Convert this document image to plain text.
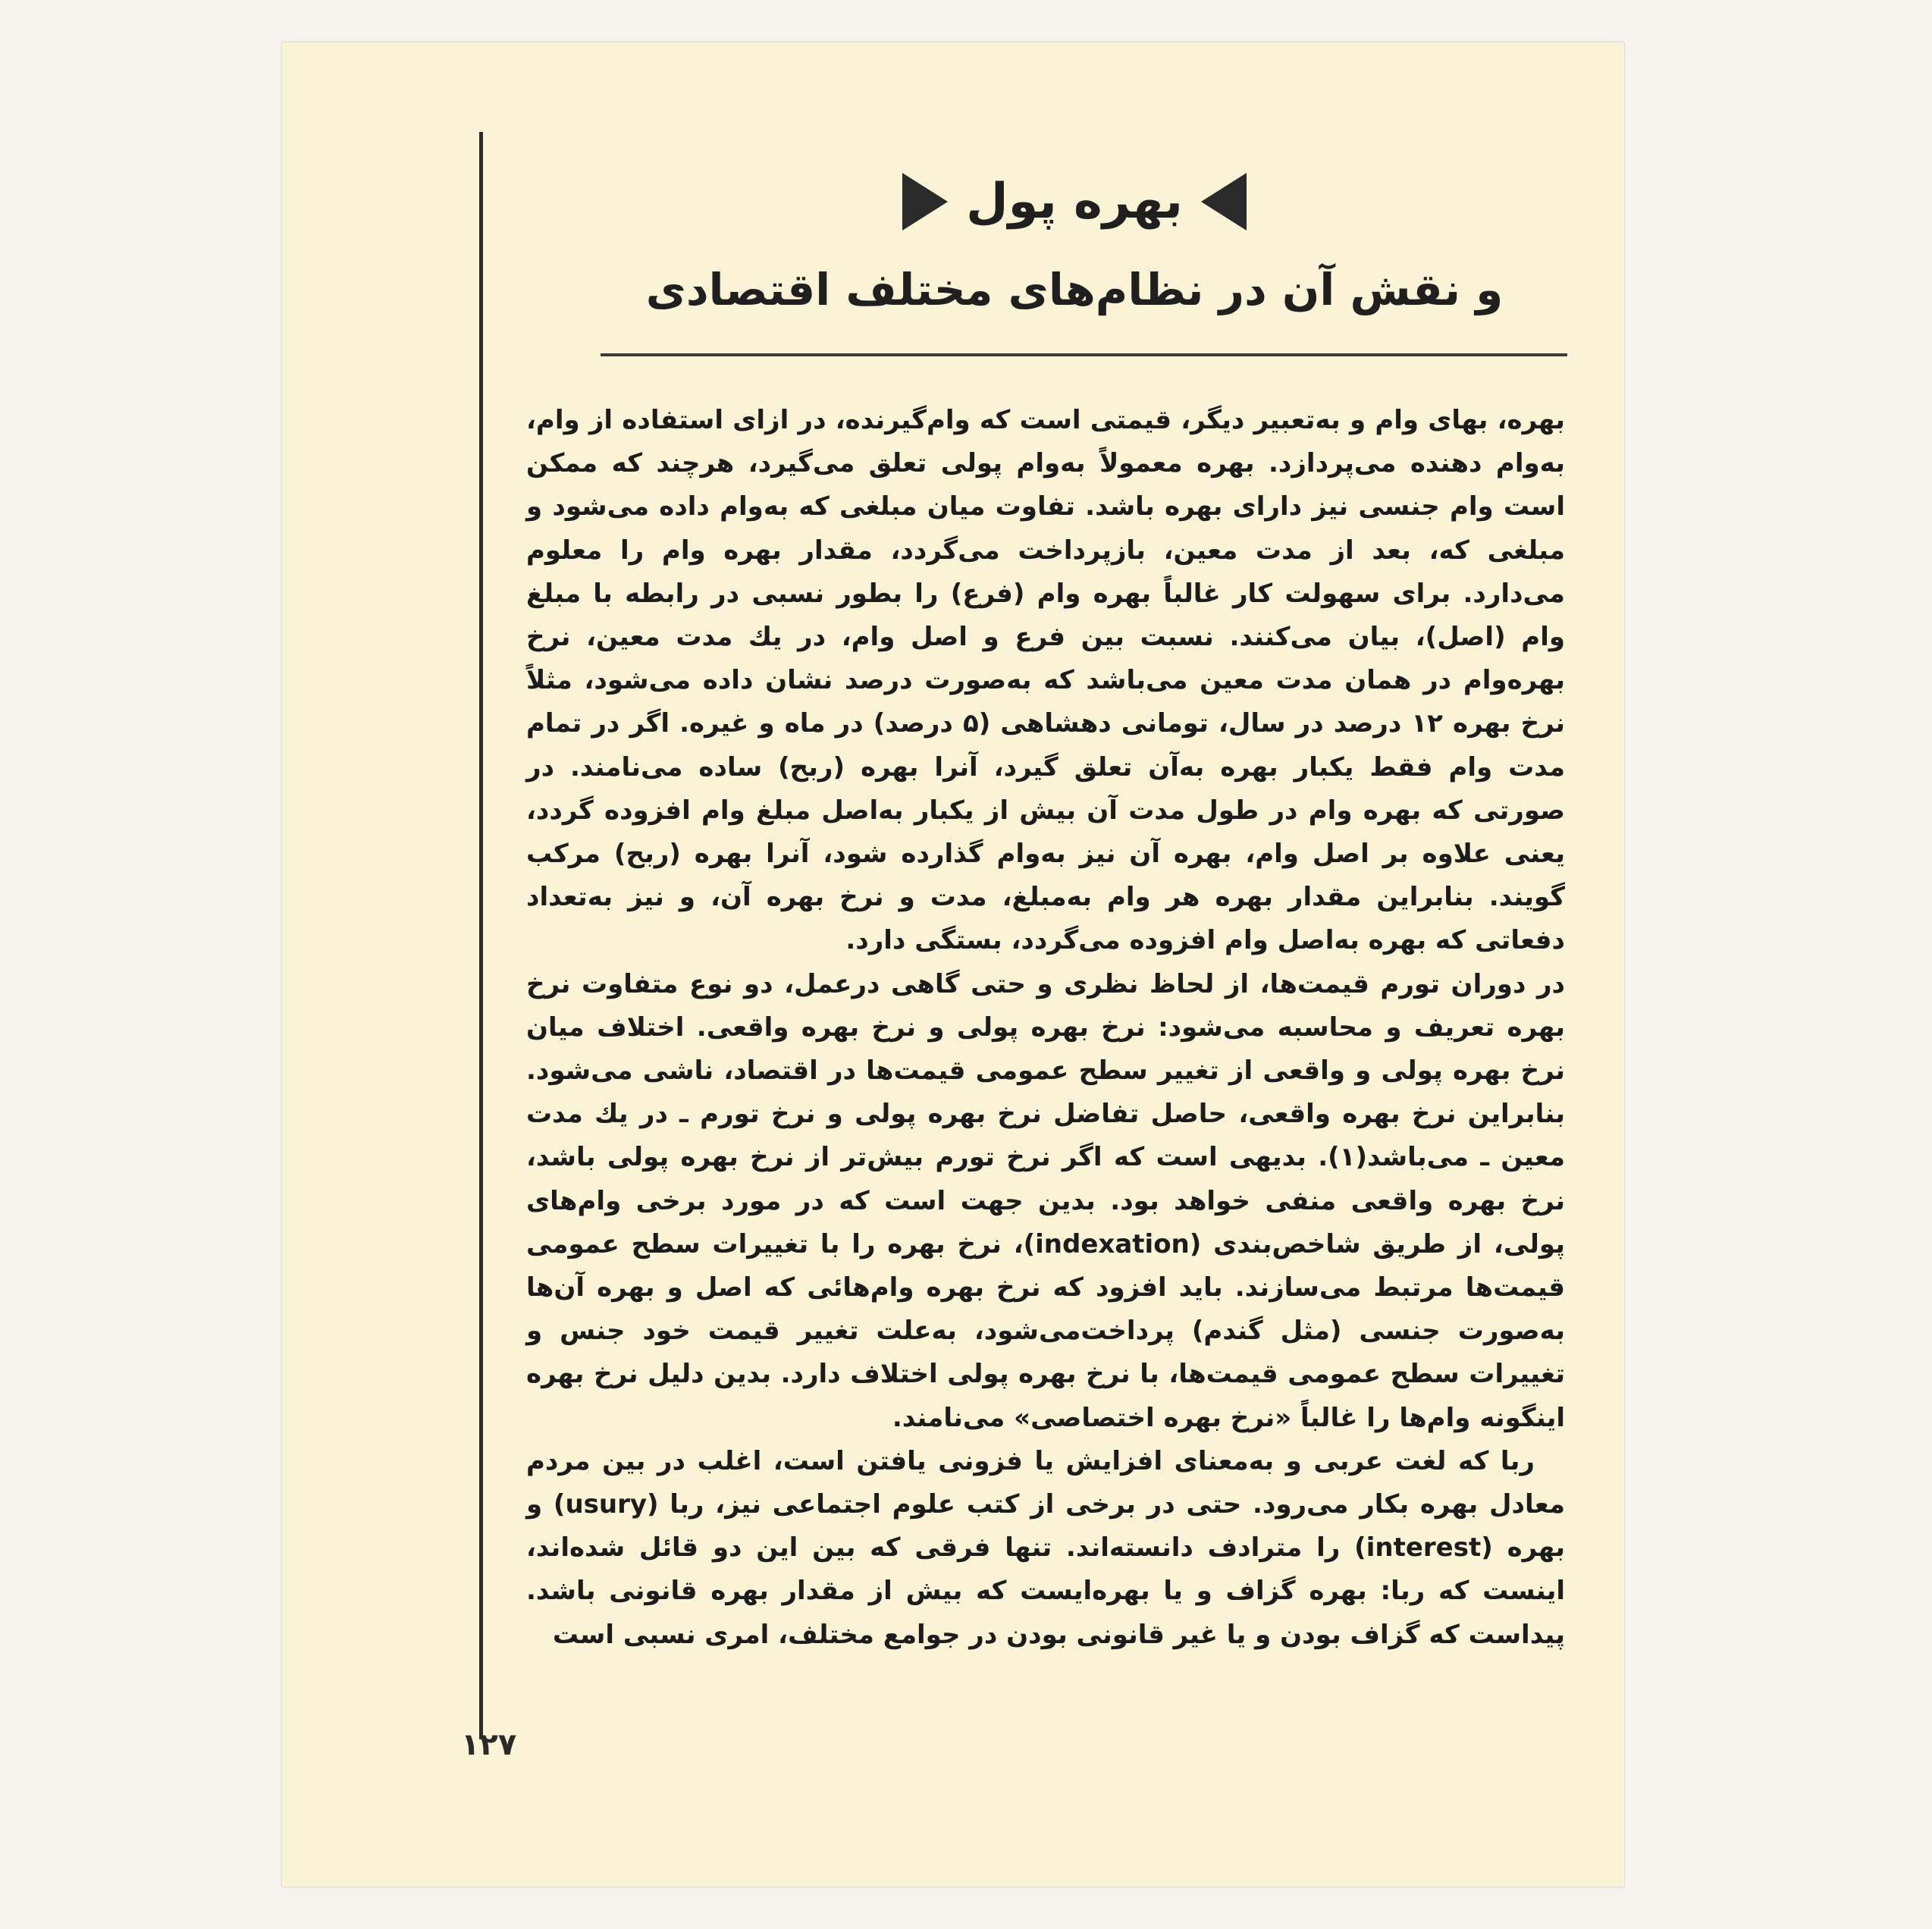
بهره پول
و نقش آن در نظام‌های مختلف اقتصادی

بهره، بهای وام و به‌تعبیر دیگر، قیمتی است که وام‌گیرنده، در ازای استفاده از وام، به‌وام دهنده می‌پردازد. بهره معمولاً به‌وام پولی تعلق می‌گیرد، هرچند که ممکن است وام جنسی نیز دارای بهره باشد. تفاوت میان مبلغی که به‌وام داده می‌شود و مبلغی که، بعد از مدت معین، بازپرداخت می‌گردد، مقدار بهره وام را معلوم می‌دارد. برای سهولت کار غالباً بهره وام (فرع) را بطور نسبی در رابطه با مبلغ وام (اصل)، بیان می‌کنند. نسبت بین فرع و اصل وام، در یك مدت معین، نرخ بهره‌وام در همان مدت معین می‌باشد که به‌صورت درصد نشان داده می‌شود، مثلاً نرخ بهره ۱۲ درصد در سال، تومانی دهشاهی (۵ درصد) در ماه و غیره. اگر در تمام مدت وام فقط یکبار بهره به‌آن تعلق گیرد، آنرا بهره (ربح) ساده می‌نامند. در صورتی که بهره وام در طول مدت آن بیش از یکبار به‌اصل مبلغ وام افزوده گردد، یعنی علاوه بر اصل وام، بهره آن نیز به‌وام گذارده شود، آنرا بهره (ربح) مرکب گویند. بنابراین مقدار بهره هر وام به‌مبلغ، مدت و نرخ بهره آن، و نیز به‌تعداد دفعاتی که بهره به‌اصل وام افزوده می‌گردد، بستگی دارد.

در دوران تورم قیمت‌ها، از لحاظ نظری و حتی گاهی درعمل، دو نوع متفاوت نرخ بهره تعریف و محاسبه می‌شود: نرخ بهره پولی و نرخ بهره واقعی. اختلاف میان نرخ بهره پولی و واقعی از تغییر سطح عمومی قیمت‌ها در اقتصاد، ناشی می‌شود. بنابراین نرخ بهره واقعی، حاصل تفاضل نرخ بهره پولی و نرخ تورم ـ در یك مدت معین ـ می‌باشد(۱). بدیهی است که اگر نرخ تورم بیش‌تر از نرخ بهره پولی باشد، نرخ بهره واقعی منفی خواهد بود. بدین جهت است که در مورد برخی وام‌های پولی، از طریق شاخص‌بندی (indexation)، نرخ بهره را با تغییرات سطح عمومی قیمت‌ها مرتبط می‌سازند. باید افزود که نرخ بهره وام‌هائی که اصل و بهره آن‌ها به‌صورت جنسی (مثل گندم) پرداخت‌می‌شود، به‌علت تغییر قیمت خود جنس و تغییرات سطح عمومی قیمت‌ها، با نرخ بهره پولی اختلاف دارد. بدین دلیل نرخ بهره اینگونه وام‌ها را غالباً «نرخ بهره اختصاصی» می‌نامند.

ربا که لغت عربی و به‌معنای افزایش یا فزونی یافتن است، اغلب در بین مردم معادل بهره بکار می‌رود. حتی در برخی از کتب علوم اجتماعی نیز، ربا (usury) و بهره (interest) را مترادف دانسته‌اند. تنها فرقی که بین این دو قائل شده‌اند، اینست که ربا: بهره گزاف و یا بهره‌ایست که بیش از مقدار بهره قانونی باشد. پیداست که گزاف بودن و یا غیر قانونی بودن در جوامع مختلف، امری نسبی است

۱۲۷
